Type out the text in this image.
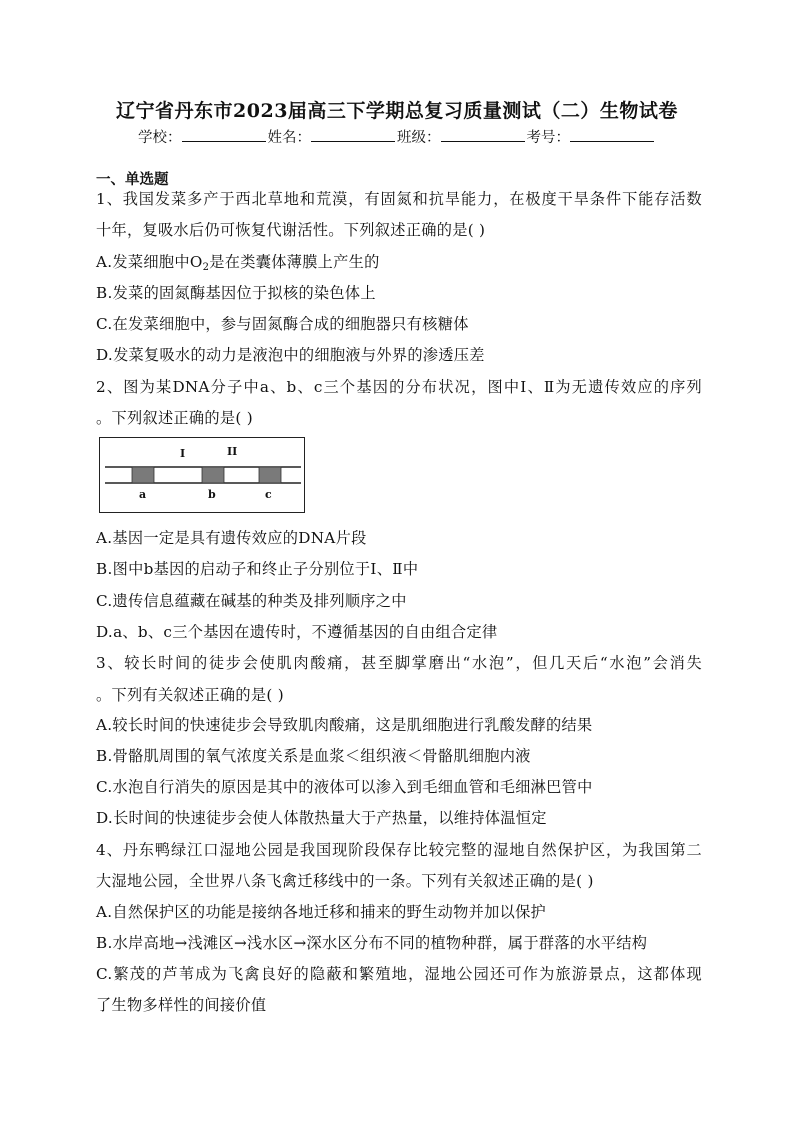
辽宁省丹东市2023届高三下学期总复习质量测试（二）生物试卷
学校：	姓名：	班级：	考号：
一、单选题
1、我国发菜多产于西北草地和荒漠，有固氮和抗旱能力，在极度干旱条件下能存活数
十年，复吸水后仍可恢复代谢活性。下列叙述正确的是( )
A.发菜细胞中$O_2$是在类囊体薄膜上产生的
B.发菜的固氮酶基因位于拟核的染色体上
C.在发菜细胞中，参与固氮酶合成的细胞器只有核糖体
D.发菜复吸水的动力是液泡中的细胞液与外界的渗透压差
2、图为某DNA分子中a、b、c三个基因的分布状况，图中Ⅰ、Ⅱ为无遗传效应的序列
。下列叙述正确的是( )
I	II
a	b	c
A.基因一定是具有遗传效应的DNA片段
B.图中b基因的启动子和终止子分别位于Ⅰ、Ⅱ中
C.遗传信息蕴藏在碱基的种类及排列顺序之中
D.a、b、c三个基因在遗传时，不遵循基因的自由组合定律
3、较长时间的徒步会使肌肉酸痛，甚至脚掌磨出“水泡”，但几天后“水泡”会消失
。下列有关叙述正确的是( )
A.较长时间的快速徒步会导致肌肉酸痛，这是肌细胞进行乳酸发酵的结果
B.骨骼肌周围的氧气浓度关系是血浆＜组织液＜骨骼肌细胞内液
C.水泡自行消失的原因是其中的液体可以渗入到毛细血管和毛细淋巴管中
D.长时间的快速徒步会使人体散热量大于产热量，以维持体温恒定
4、丹东鸭绿江口湿地公园是我国现阶段保存比较完整的湿地自然保护区，为我国第二
大湿地公园，全世界八条飞禽迁移线中的一条。下列有关叙述正确的是( )
A.自然保护区的功能是接纳各地迁移和捕来的野生动物并加以保护
B.水岸高地→浅滩区→浅水区→深水区分布不同的植物种群，属于群落的水平结构
C.繁茂的芦苇成为飞禽良好的隐蔽和繁殖地，湿地公园还可作为旅游景点，这都体现
了生物多样性的间接价值
